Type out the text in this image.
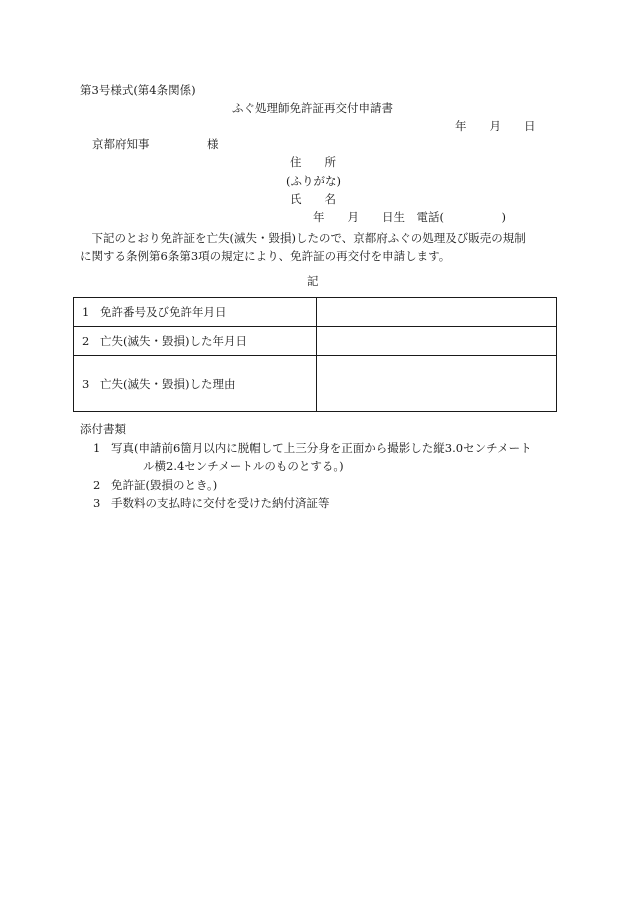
第3号様式(第4条関係)
ふぐ処理師免許証再交付申請書
年　　月　　日
京都府知事　　　　　様
住　　所
(ふりがな)
氏　　名
年　　月　　日生　電話(　　　　　)
　下記のとおり免許証を亡失(滅失・毀損)したので、京都府ふぐの処理及び販売の規制
に関する条例第6条第3項の規定により、免許証の再交付を申請します。
記
1 免許番号及び免許年月日	
2 亡失(滅失・毀損)した年月日	
3 亡失(滅失・毀損)した理由	
添付書類
1 写真(申請前6箇月以内に脱帽して上三分身を正面から撮影した縦3.0センチメート
ル横2.4センチメートルのものとする。)
2 免許証(毀損のとき。)
3 手数料の支払時に交付を受けた納付済証等
